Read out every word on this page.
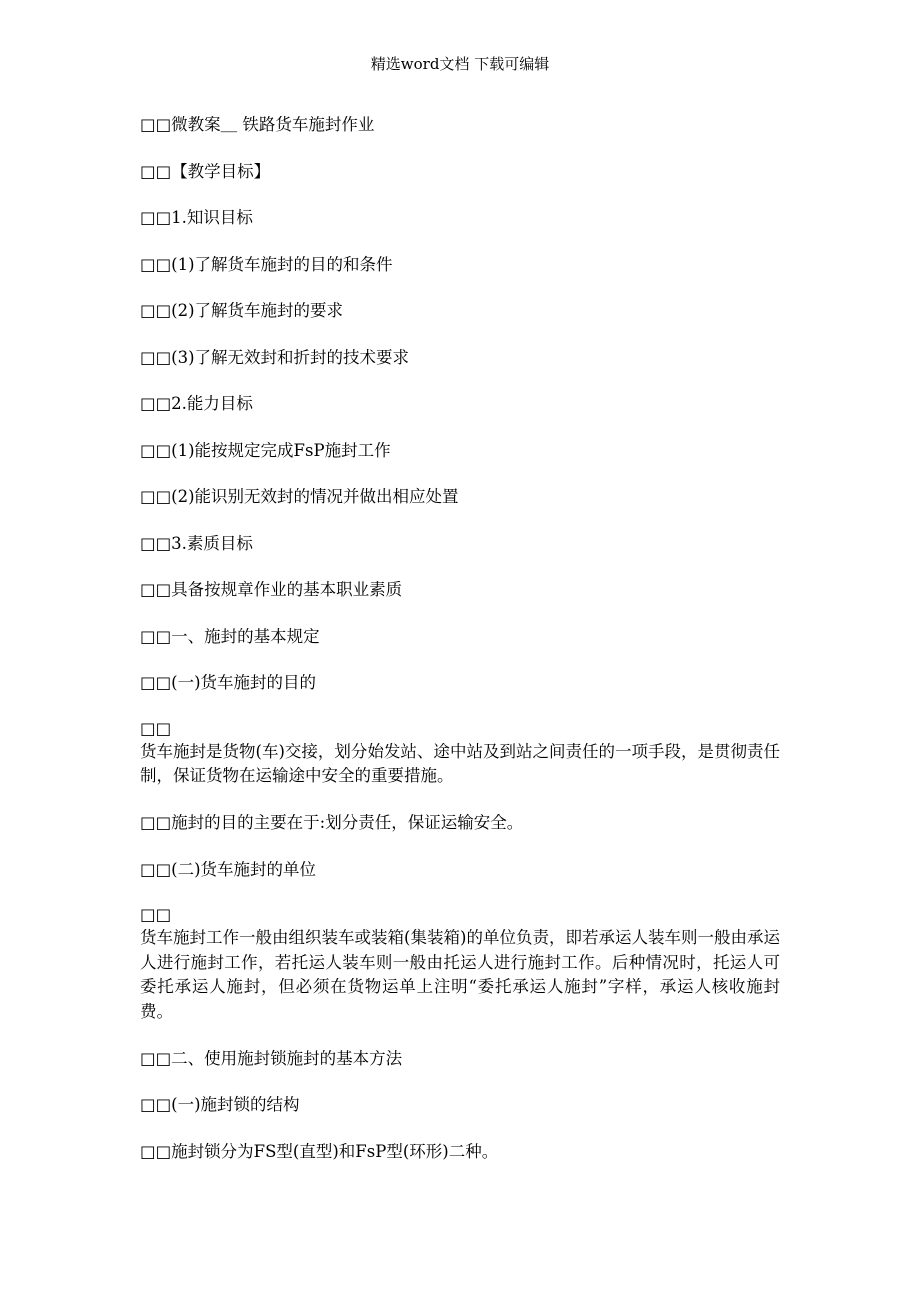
精选word文档 下载可编辑
□□微教案＿ 铁路货车施封作业
□□【教学目标】
□□1.知识目标
□□(1)了解货车施封的目的和条件
□□(2)了解货车施封的要求
□□(3)了解无效封和折封的技术要求
□□2.能力目标
□□(1)能按规定完成FsP施封工作
□□(2)能识别无效封的情况并做出相应处置
□□3.素质目标
□□具备按规章作业的基本职业素质
□□一、施封的基本规定
□□(一)货车施封的目的
□□
货车施封是货物(车)交接，划分始发站、途中站及到站之间责任的一项手段，是贯彻责任制，保证货物在运输途中安全的重要措施。
□□施封的目的主要在于:划分责任，保证运输安全。
□□(二)货车施封的单位
□□
货车施封工作一般由组织装车或装箱(集装箱)的单位负责，即若承运人装车则一般由承运人进行施封工作，若托运人装车则一般由托运人进行施封工作。后种情况时，托运人可委托承运人施封，但必须在货物运单上注明“委托承运人施封”字样，承运人核收施封费。
□□二、使用施封锁施封的基本方法
□□(一)施封锁的结构
□□施封锁分为FS型(直型)和FsP型(环形)二种。
